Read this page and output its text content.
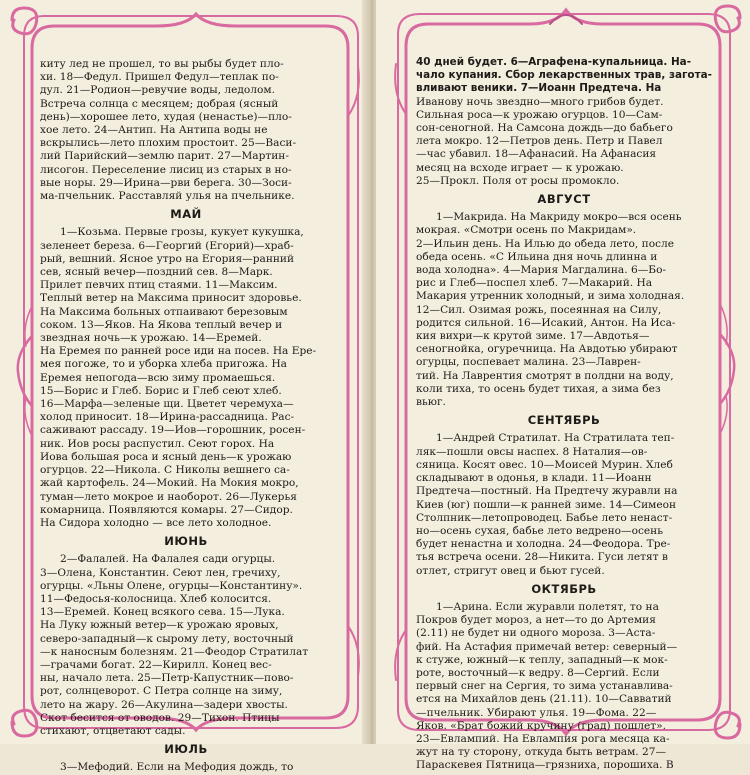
киту лед не прошел, то вы рыбы будет пло-

хи. 18—Федул. Пришел Федул—теплак по-

дул. 21—Родион—ревучие воды, ледолом.

Встреча солнца с месяцем; добрая (ясный

день)—хорошее лето, худая (ненастье)—пло-

хое лето. 24—Антип. На Антипа воды не

вскрылись—лето плохим простоит. 25—Васи-

лий Парийский—землю парит. 27—Мартин-

лисогон. Переселение лисиц из старых в но-

вые норы. 29—Ирина—рви берега. 30—Зоси-

ма-пчельник. Расставляй улья на пчельнике.

МАЙ

1—Козьма. Первые грозы, кукует кукушка,

зеленеет береза. 6—Георгий (Егорий)—храб-

рый, вешний. Ясное утро на Егория—ранний

сев, ясный вечер—поздний сев. 8—Марк.

Прилет певчих птиц стаями. 11—Максим.

Теплый ветер на Максима приносит здоровье.

На Максима больных отпаивают березовым

соком. 13—Яков. На Якова теплый вечер и

звездная ночь—к урожаю. 14—Еремей.

На Еремея по ранней росе иди на посев. На Ере-

мея погоже, то и уборка хлеба пригожа. На

Еремея непогода—всю зиму промаешься.

15—Борис и Глеб. Борис и Глеб сеют хлеб.

16—Марфа—зеленые щи. Цветет черемуха—

холод приносит. 18—Ирина-рассадница. Рас-

саживают рассаду. 19—Иов—горошник, росен-

ник. Иов росы распустил. Сеют горох. На

Иова большая роса и ясный день—к урожаю

огурцов. 22—Николa. С Николы вешнего са-

жай картофель. 24—Мокий. На Мокия мокро,

туман—лето мокрое и наоборот. 26—Лукерья

комарница. Появляются комары. 27—Сидор.

На Сидора холодно — все лето холодное.

ИЮНЬ

2—Фалалей. На Фалалея сади огурцы.

3—Олена, Константин. Сеют лен, гречиху,

огурцы. «Льны Олене, огурцы—Константину».

11—Федосья-колосница. Хлеб колосится.

13—Еремей. Конец всякого сева. 15—Лука.

На Луку южный ветер—к урожаю яровых,

северо-западный—к сырому лету, восточный

—к наносным болезням. 21—Феодор Стратилат

—грачами богат. 22—Кирилл. Конец вес-

ны, начало лета. 25—Петр-Капустник—пово-

рот, солнцеворот. С Петра солнце на зиму,

лето на жару. 26—Акулина—задери хвосты.

Скот бесится от оводов. 29—Тихон. Птицы

стихают, отцветают сады.

ИЮЛЬ

3—Мефодий. Если на Мефодия дождь, то

40 дней будет. 6—Аграфена-купальница. На-

чало купания. Сбор лекарственных трав, загота-

вливают веники. 7—Иоанн Предтеча. На

Иванову ночь звездно—много грибов будет.

Сильная роса—к урожаю огурцов. 10—Сам-

сон-сеногной. На Самсона дождь—до бабьего

лета мокро. 12—Петров день. Петр и Павел

—час убавил. 18—Афанасий. На Афанасия

месяц на всходе играет — к урожаю.

25—Прокл. Поля от росы промокло.

АВГУСТ

1—Макрида. На Макриду мокро—вся осень

мокрая. «Смотри осень по Макридам».

2—Ильин день. На Илью до обеда лето, после

обеда осень. «С Ильина дня ночь длинна и

вода холодна». 4—Мария Магдалина. 6—Бо-

рис и Глеб—поспел хлеб. 7—Макарий. На

Макария утренник холодный, и зима холодная.

12—Сил. Озимая рожь, посеянная на Силу,

родится сильной. 16—Исакий, Антон. На Иса-

кия вихри—к крутой зиме. 17—Авдотья—

сеногнойка, огуречница. На Авдотью убирают

огурцы, поспевает малина. 23—Лаврен-

тий. На Лаврентия смотрят в полдни на воду,

коли тиха, то осень будет тихая, а зима без

вьюг.

СЕНТЯБРЬ

1—Андрей Стратилат. На Стратилата теп-

ляк—пошли овсы наспех. 8 Наталия—ов-

сяница. Косят овес. 10—Моисей Мурин. Хлеб

складывают в одонья, в клади. 11—Иоанн

Предтеча—постный. На Предтечу журавли на

Киев (юг) пошли—к ранней зиме. 14—Симеон

Столпник—летопроводец. Бабье лето ненаст-

но—осень сухая, бабье лето ведрено—осень

будет ненастна и холодна. 24—Феодора. Тре-

тья встреча осени. 28—Никита. Гуси летят в

отлет, стригут овец и бьют гусей.

ОКТЯБРЬ

1—Арина. Если журавли полетят, то на

Покров будет мороз, а нет—то до Артемия

(2.11) не будет ни одного мороза. 3—Аста-

фий. На Астафия примечай ветер: северный—

к стуже, южный—к теплу, западный—к мок-

роте, восточный—к ведру. 8—Сергий. Если

первый снег на Сергия, то зима устанавлива-

ется на Михайлов день (21.11). 10—Савватий

—пчельник. Убирают улья. 19—Фома. 22—

Яков. «Брат божий кручину (град) пошлет».

23—Евлампий. На Евлампия рога месяца ка-

жут на ту сторону, откуда быть ветрам. 27—

Параскевея Пятница—грязниха, порошиха. В
